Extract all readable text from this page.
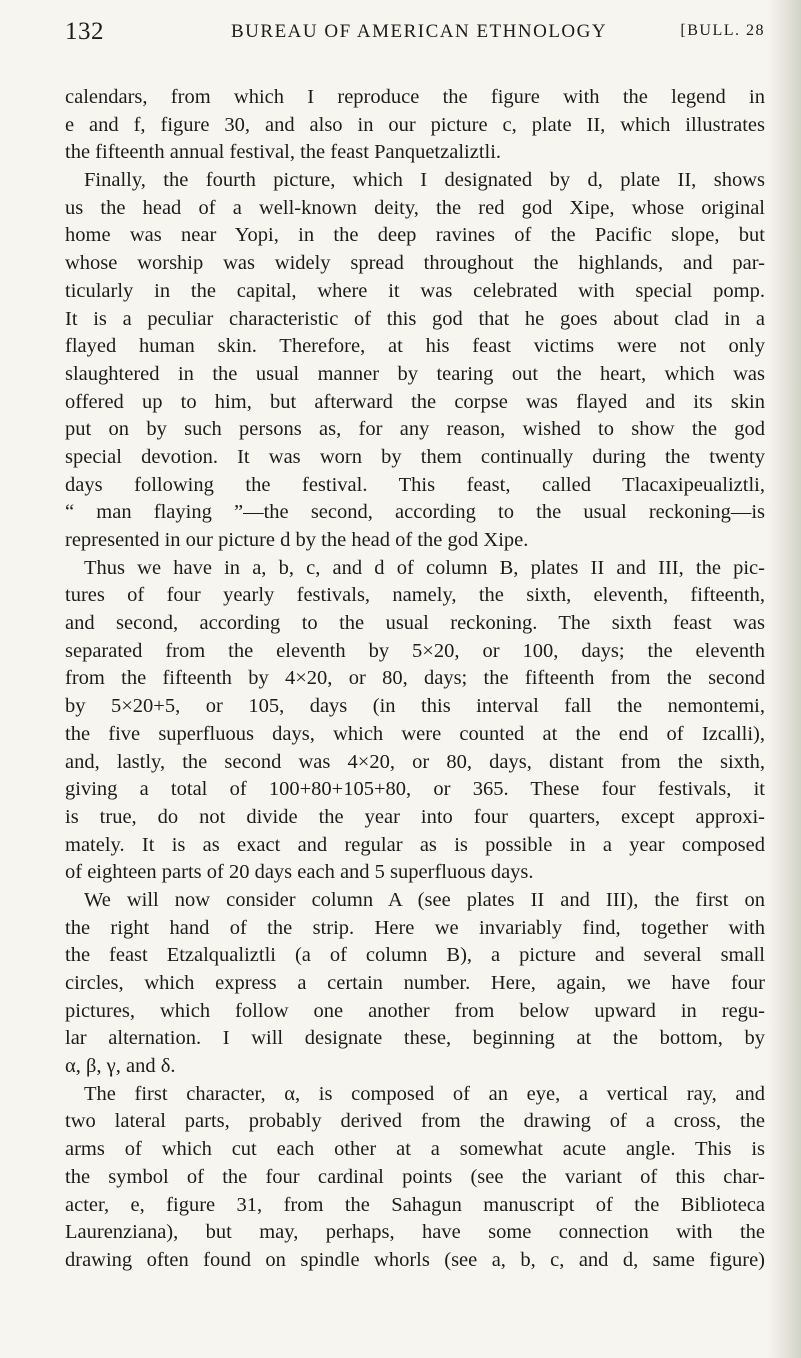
132	BUREAU OF AMERICAN ETHNOLOGY	[BULL. 28
calendars, from which I reproduce the figure with the legend in
e and f, figure 30, and also in our picture c, plate II, which illustrates
the fifteenth annual festival, the feast Panquetzaliztli.
Finally, the fourth picture, which I designated by d, plate II, shows
us the head of a well-known deity, the red god Xipe, whose original
home was near Yopi, in the deep ravines of the Pacific slope, but
whose worship was widely spread throughout the highlands, and par-
ticularly in the capital, where it was celebrated with special pomp.
It is a peculiar characteristic of this god that he goes about clad in a
flayed human skin. Therefore, at his feast victims were not only
slaughtered in the usual manner by tearing out the heart, which was
offered up to him, but afterward the corpse was flayed and its skin
put on by such persons as, for any reason, wished to show the god
special devotion. It was worn by them continually during the twenty
days following the festival. This feast, called Tlacaxipeualiztli,
“ man flaying ”—the second, according to the usual reckoning—is
represented in our picture d by the head of the god Xipe.
Thus we have in a, b, c, and d of column B, plates II and III, the pic-
tures of four yearly festivals, namely, the sixth, eleventh, fifteenth,
and second, according to the usual reckoning. The sixth feast was
separated from the eleventh by 5×20, or 100, days; the eleventh
from the fifteenth by 4×20, or 80, days; the fifteenth from the second
by 5×20+5, or 105, days (in this interval fall the nemontemi,
the five superfluous days, which were counted at the end of Izcalli),
and, lastly, the second was 4×20, or 80, days, distant from the sixth,
giving a total of 100+80+105+80, or 365. These four festivals, it
is true, do not divide the year into four quarters, except approxi-
mately. It is as exact and regular as is possible in a year composed
of eighteen parts of 20 days each and 5 superfluous days.
We will now consider column A (see plates II and III), the first on
the right hand of the strip. Here we invariably find, together with
the feast Etzalqualiztli (a of column B), a picture and several small
circles, which express a certain number. Here, again, we have four
pictures, which follow one another from below upward in regu-
lar alternation. I will designate these, beginning at the bottom, by
α, β, γ, and δ.
The first character, α, is composed of an eye, a vertical ray, and
two lateral parts, probably derived from the drawing of a cross, the
arms of which cut each other at a somewhat acute angle. This is
the symbol of the four cardinal points (see the variant of this char-
acter, e, figure 31, from the Sahagun manuscript of the Biblioteca
Laurenziana), but may, perhaps, have some connection with the
drawing often found on spindle whorls (see a, b, c, and d, same figure)
